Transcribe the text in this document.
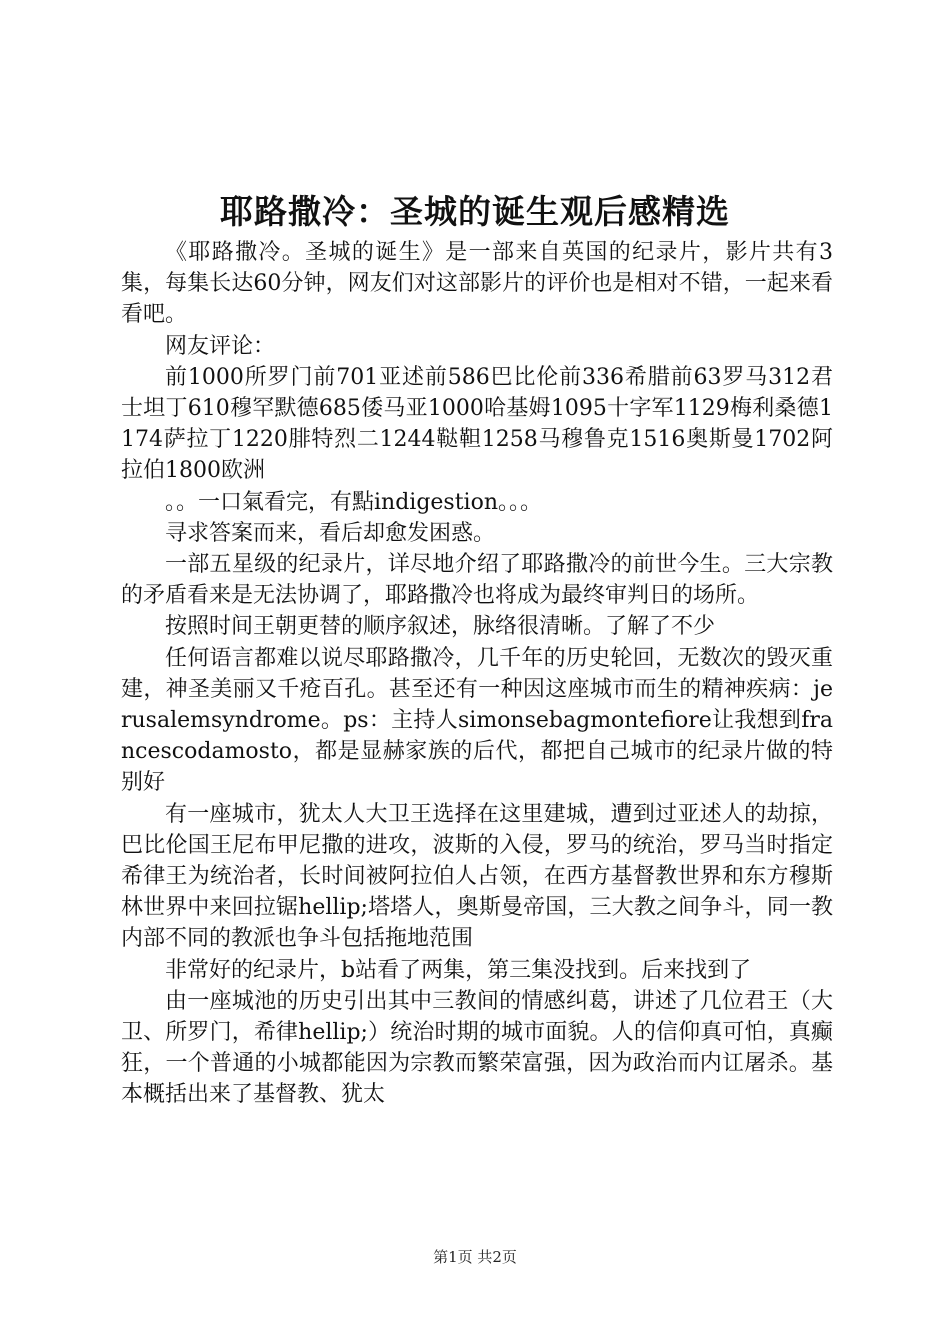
耶路撒冷：圣城的诞生观后感精选

《耶路撒冷。圣城的诞生》是一部来自英国的纪录片，影片共有3集，每集长达60分钟，网友们对这部影片的评价也是相对不错，一起来看看吧。

网友评论：

前1000所罗门前701亚述前586巴比伦前336希腊前63罗马312君士坦丁610穆罕默德685倭马亚1000哈基姆1095十字军1129梅利桑德1174萨拉丁1220腓特烈二1244鞑靼1258马穆鲁克1516奥斯曼1702阿拉伯1800欧洲

。。一口氣看完，有點indigestion。。。

寻求答案而来，看后却愈发困惑。

一部五星级的纪录片，详尽地介绍了耶路撒冷的前世今生。三大宗教的矛盾看来是无法协调了，耶路撒冷也将成为最终审判日的场所。

按照时间王朝更替的顺序叙述，脉络很清晰。了解了不少

任何语言都难以说尽耶路撒冷，几千年的历史轮回，无数次的毁灭重建，神圣美丽又千疮百孔。甚至还有一种因这座城市而生的精神疾病：jerusalemsyndrome。ps：主持人simonsebagmontefiore让我想到francescodamosto，都是显赫家族的后代，都把自己城市的纪录片做的特别好

有一座城市，犹太人大卫王选择在这里建城，遭到过亚述人的劫掠，巴比伦国王尼布甲尼撒的进攻，波斯的入侵，罗马的统治，罗马当时指定希律王为统治者，长时间被阿拉伯人占领，在西方基督教世界和东方穆斯林世界中来回拉锯hellip;塔塔人，奥斯曼帝国，三大教之间争斗，同一教内部不同的教派也争斗包括拖地范围

非常好的纪录片，b站看了两集，第三集没找到。后来找到了

由一座城池的历史引出其中三教间的情感纠葛，讲述了几位君王（大卫、所罗门，希律hellip;）统治时期的城市面貌。人的信仰真可怕，真癫狂，一个普通的小城都能因为宗教而繁荣富强，因为政治而内讧屠杀。基本概括出来了基督教、犹太

第1页 共2页
